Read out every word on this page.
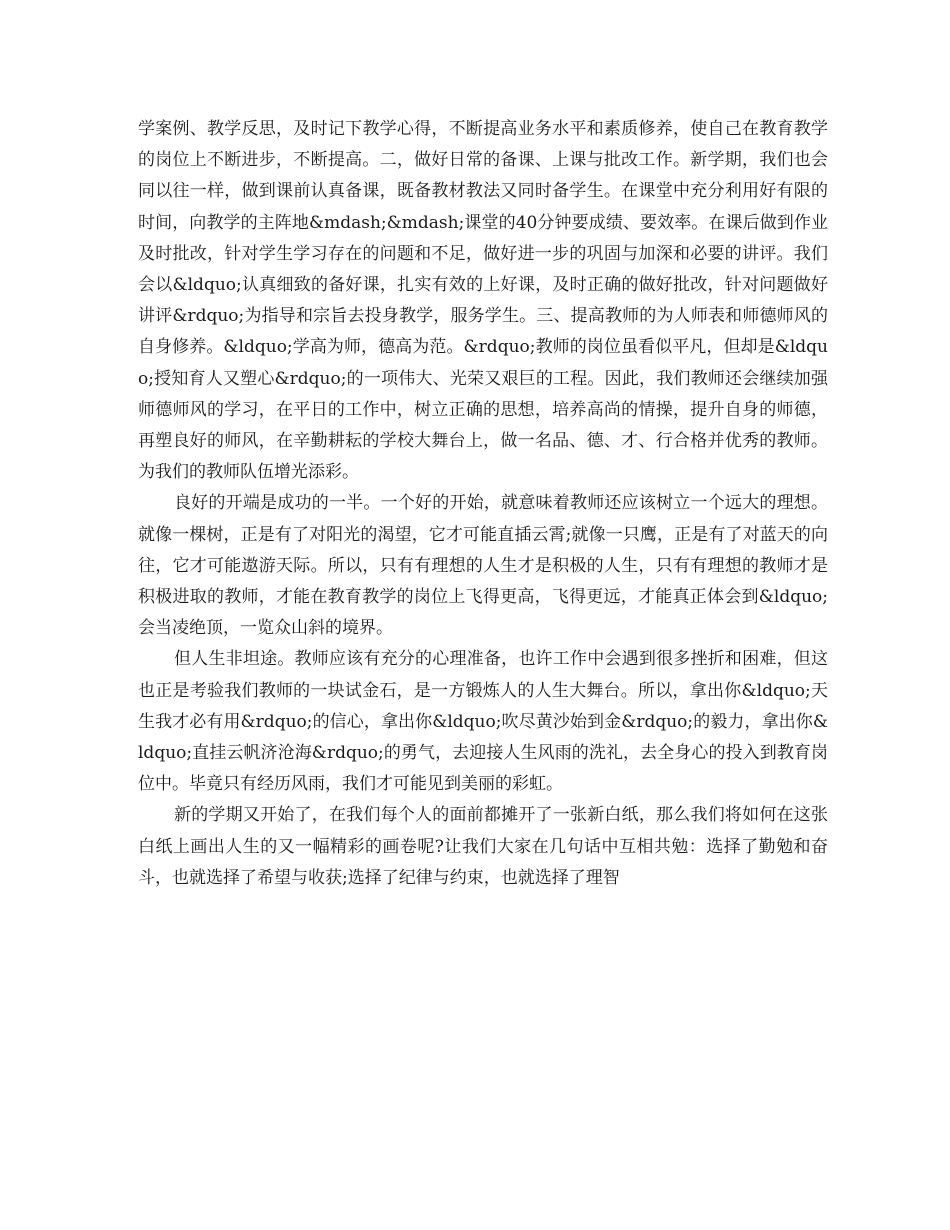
学案例、教学反思，及时记下教学心得，不断提高业务水平和素质修养，使自己在教育教学的岗位上不断进步，不断提高。二，做好日常的备课、上课与批改工作。新学期，我们也会同以往一样，做到课前认真备课，既备教材教法又同时备学生。在课堂中充分利用好有限的时间，向教学的主阵地&mdash;&mdash;课堂的40分钟要成绩、要效率。在课后做到作业及时批改，针对学生学习存在的问题和不足，做好进一步的巩固与加深和必要的讲评。我们会以&ldquo;认真细致的备好课，扎实有效的上好课，及时正确的做好批改，针对问题做好讲评&rdquo;为指导和宗旨去投身教学，服务学生。三、提高教师的为人师表和师德师风的自身修养。&ldquo;学高为师，德高为范。&rdquo;教师的岗位虽看似平凡，但却是&ldquo;授知育人又塑心&rdquo;的一项伟大、光荣又艰巨的工程。因此，我们教师还会继续加强师德师风的学习，在平日的工作中，树立正确的思想，培养高尚的情操，提升自身的师德，再塑良好的师风，在辛勤耕耘的学校大舞台上，做一名品、德、才、行合格并优秀的教师。为我们的教师队伍增光添彩。

良好的开端是成功的一半。一个好的开始，就意味着教师还应该树立一个远大的理想。就像一棵树，正是有了对阳光的渴望，它才可能直插云霄;就像一只鹰，正是有了对蓝天的向往，它才可能遨游天际。所以，只有有理想的人生才是积极的人生，只有有理想的教师才是积极进取的教师，才能在教育教学的岗位上飞得更高，飞得更远，才能真正体会到&ldquo;会当凌绝顶，一览众山斜的境界。

但人生非坦途。教师应该有充分的心理准备，也许工作中会遇到很多挫折和困难，但这也正是考验我们教师的一块试金石，是一方锻炼人的人生大舞台。所以，拿出你&ldquo;天生我才必有用&rdquo;的信心，拿出你&ldquo;吹尽黄沙始到金&rdquo;的毅力，拿出你&ldquo;直挂云帆济沧海&rdquo;的勇气，去迎接人生风雨的洗礼，去全身心的投入到教育岗位中。毕竟只有经历风雨，我们才可能见到美丽的彩虹。

新的学期又开始了，在我们每个人的面前都摊开了一张新白纸，那么我们将如何在这张白纸上画出人生的又一幅精彩的画卷呢?让我们大家在几句话中互相共勉：选择了勤勉和奋斗，也就选择了希望与收获;选择了纪律与约束，也就选择了理智
